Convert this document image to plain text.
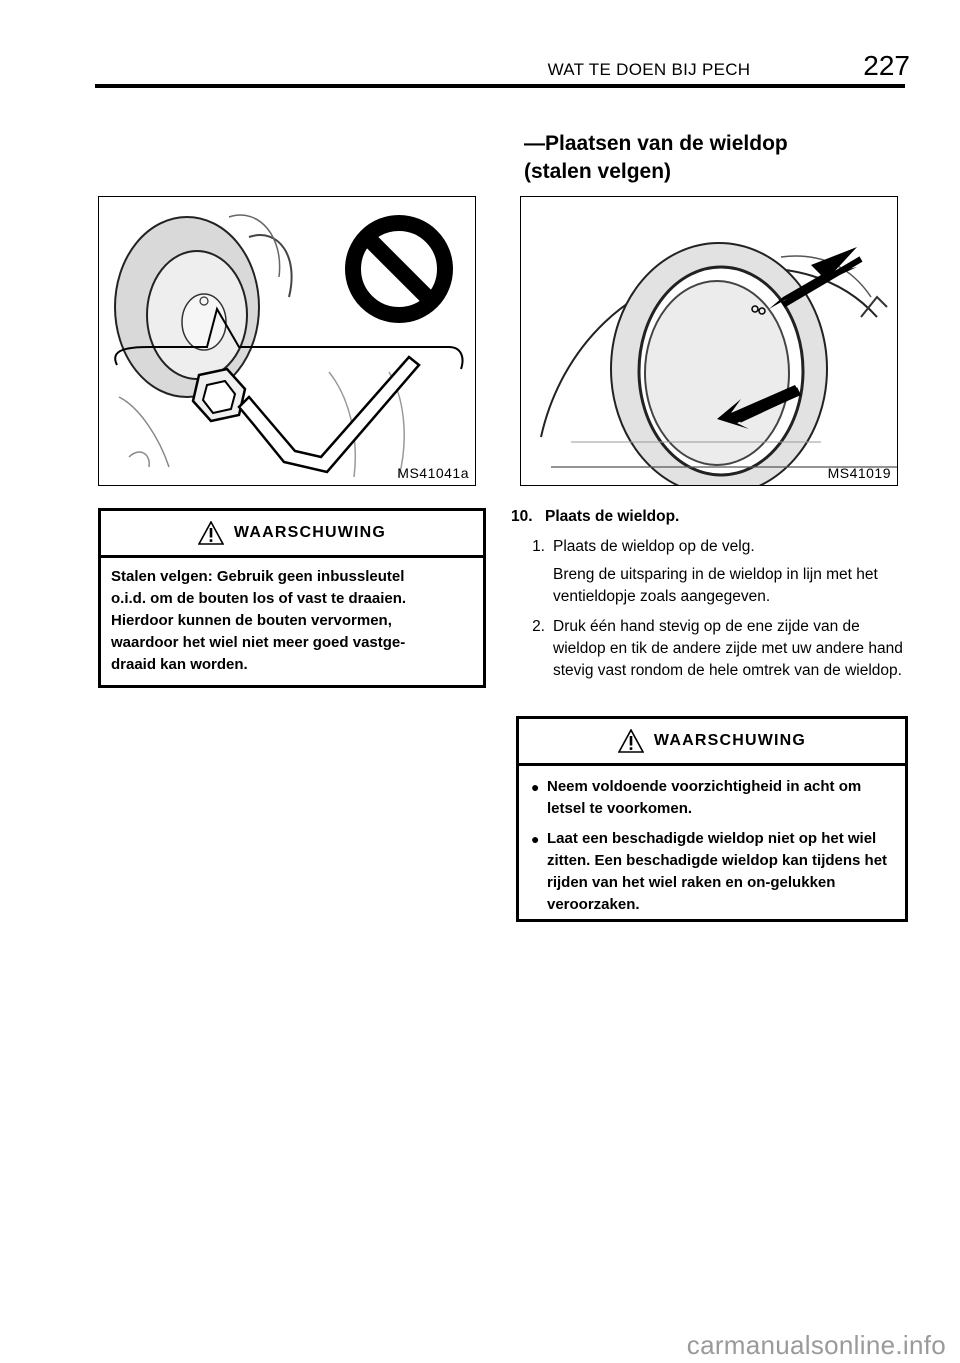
WAT TE DOEN BIJ PECH	227
—Plaatsen van de wieldop
(stalen velgen)
MS41041a	MS41019
WAARSCHUWING
Stalen velgen: Gebruik geen inbussleutel
o.i.d. om de bouten los of vast te draaien.
Hierdoor kunnen de bouten vervormen,
waardoor het wiel niet meer goed vastge-
draaid kan worden.
10. Plaats de wieldop.
1. Plaats de wieldop op de velg.
Breng de uitsparing in de wieldop in lijn met het ventieldopje zoals aangegeven.
2. Druk één hand stevig op de ene zijde van de wieldop en tik de andere zijde met uw andere hand stevig vast rondom de hele omtrek van de wieldop.
WAARSCHUWING
● Neem voldoende voorzichtigheid in acht om letsel te voorkomen.
● Laat een beschadigde wieldop niet op het wiel zitten. Een beschadigde wieldop kan tijdens het rijden van het wiel raken en on-gelukken veroorzaken.
carmanualsonline.info
